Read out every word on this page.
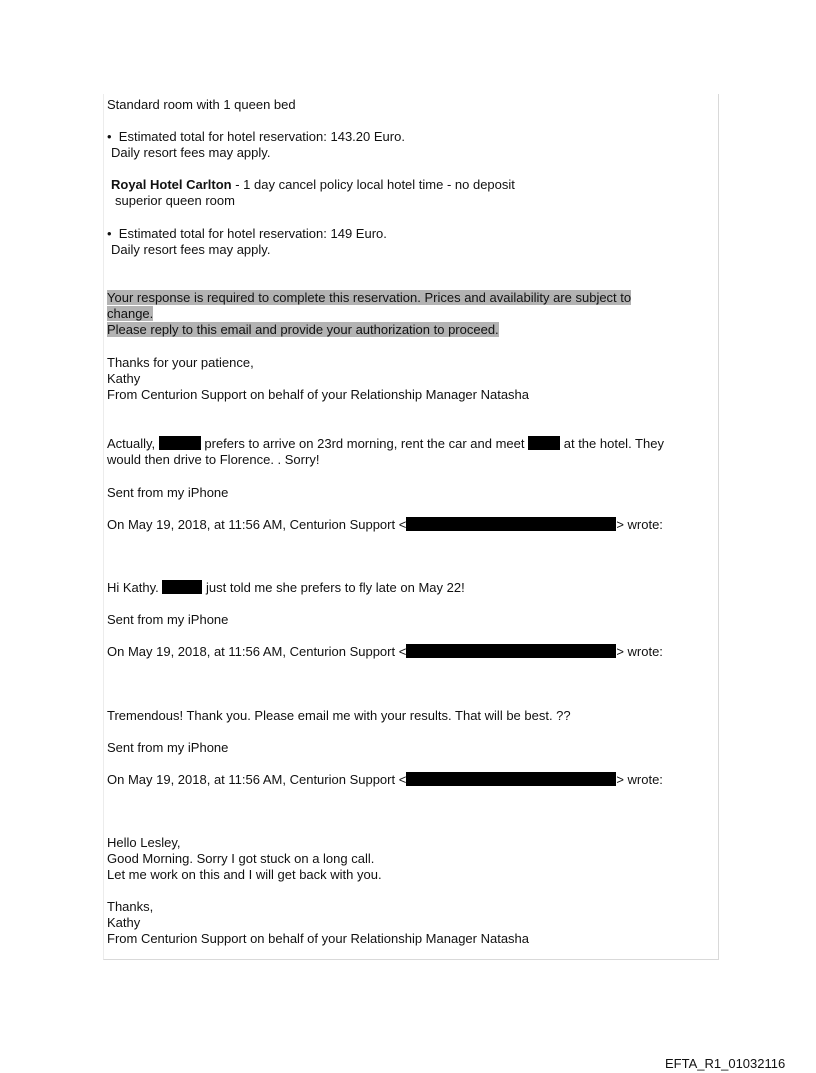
Standard room with 1 queen bed
•  Estimated total for hotel reservation: 143.20 Euro.
Daily resort fees may apply.
Royal Hotel Carlton - 1 day cancel policy local hotel time - no deposit
superior queen room
•  Estimated total for hotel reservation: 149 Euro.
Daily resort fees may apply.
Your response is required to complete this reservation. Prices and availability are subject to
change.
Please reply to this email and provide your authorization to proceed.
Thanks for your patience,
Kathy
From Centurion Support on behalf of your Relationship Manager Natasha
Actually,	prefers to arrive on 23rd morning, rent the car and meet  at the hotel. They
would then drive to Florence. . Sorry!
Sent from my iPhone
On May 19, 2018, at 11:56 AM, Centurion Support <	> wrote:
Hi Kathy.	just told me she prefers to fly late on May 22!
Sent from my iPhone
On May 19, 2018, at 11:56 AM, Centurion Support <	> wrote:
Tremendous! Thank you. Please email me with your results. That will be best. ??
Sent from my iPhone
On May 19, 2018, at 11:56 AM, Centurion Support <	> wrote:
Hello Lesley,
Good Morning. Sorry I got stuck on a long call.
Let me work on this and I will get back with you.
Thanks,
Kathy
From Centurion Support on behalf of your Relationship Manager Natasha
EFTA_R1_01032116
